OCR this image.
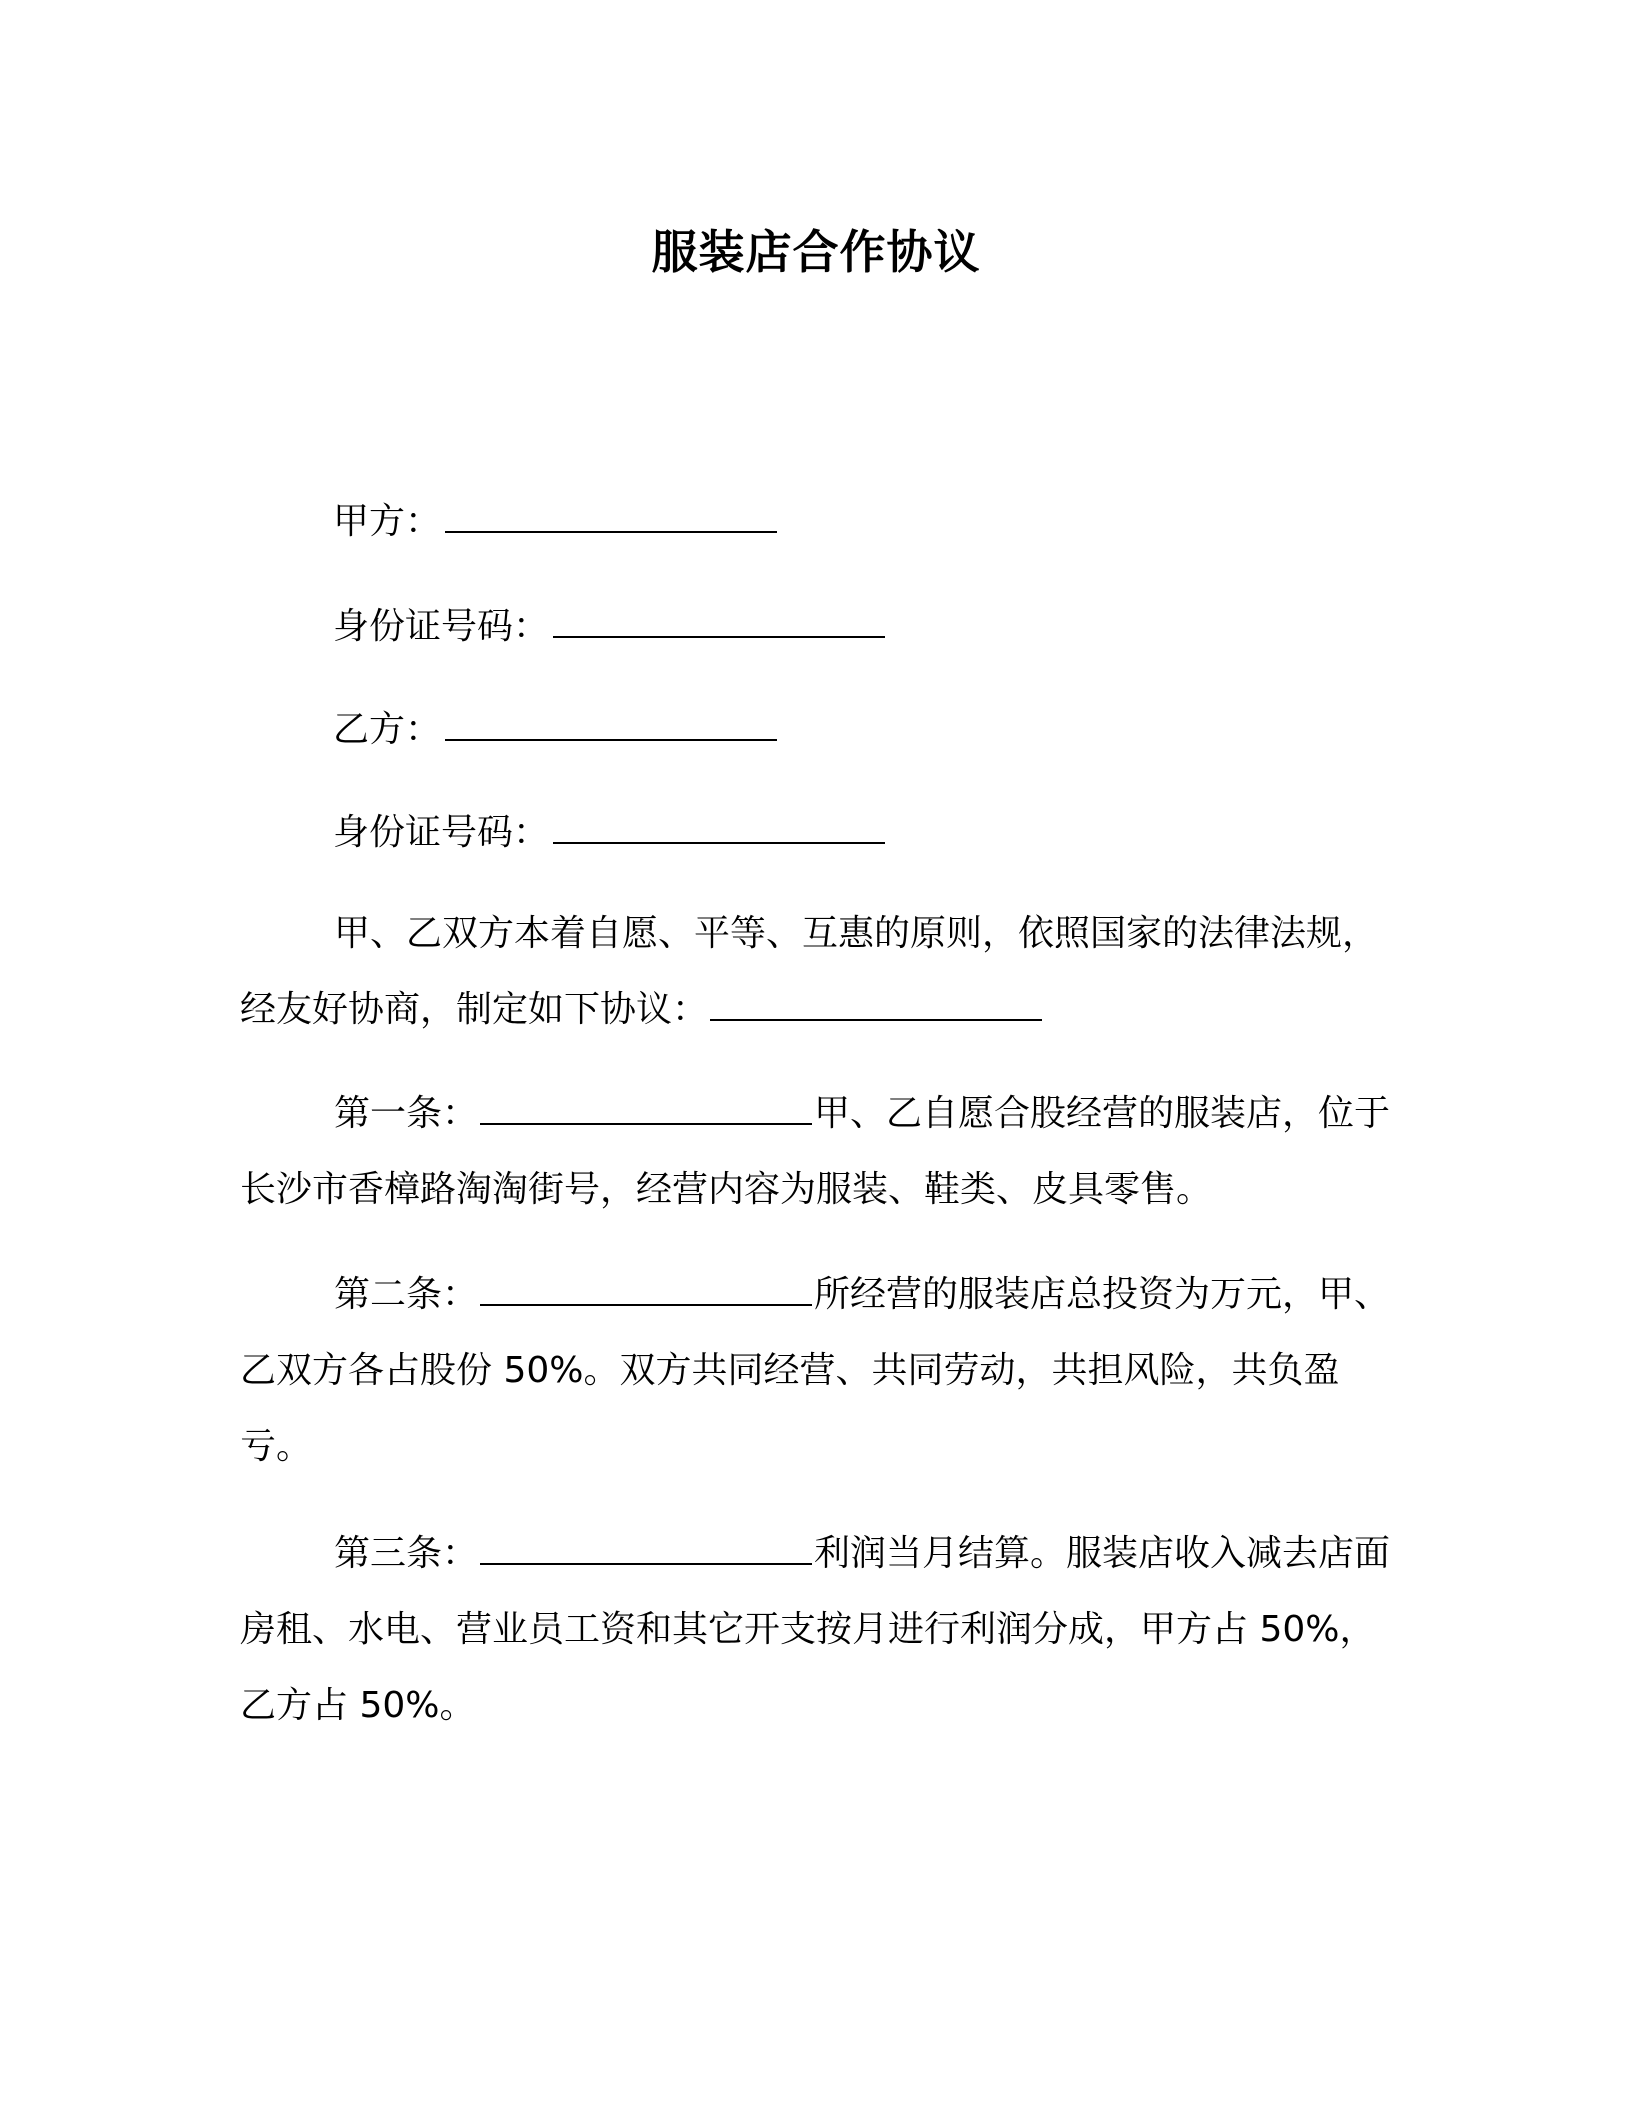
服装店合作协议
甲方：
身份证号码：
乙方：
身份证号码：
甲、乙双方本着自愿、平等、互惠的原则，依照国家的法律法规，
经友好协商，制定如下协议：
第一条：	甲、乙自愿合股经营的服装店，位于长沙市香樟路淘淘街号，经营内容为服装、鞋类、皮具零售。
第二条：	所经营的服装店总投资为万元，甲、乙双方各占股份 50%。双方共同经营、共同劳动，共担风险，共负盈亏。
第三条：	利润当月结算。服装店收入减去店面房租、水电、营业员工资和其它开支按月进行利润分成，甲方占 50%，乙方占 50%。
